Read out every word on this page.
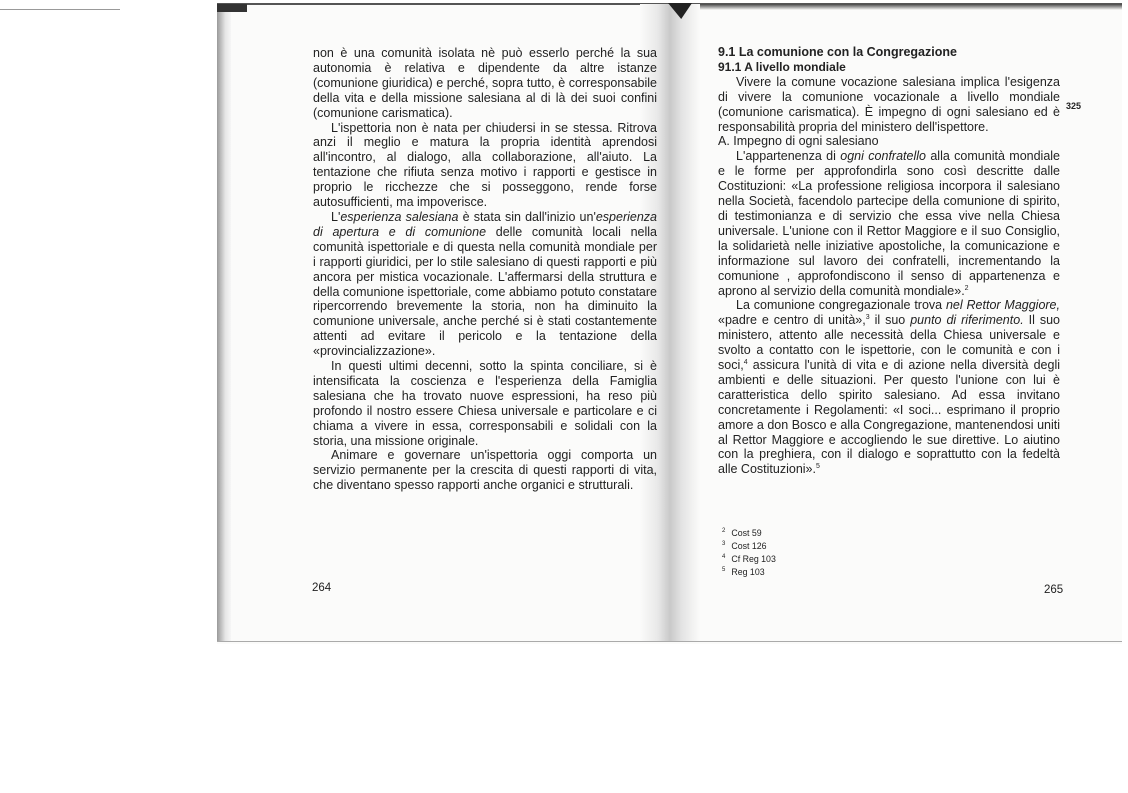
non è una comunità isolata nè può esserlo perché la sua autonomia è relativa e dipendente da altre istanze (comunione giuridica) e perché, sopra tutto, è corresponsabile della vita e della missione salesiana al di là dei suoi confini (comunione carismatica).

L'ispettoria non è nata per chiudersi in se stessa. Ritrova anzi il meglio e matura la propria identità aprendosi all'incontro, al dialogo, alla collaborazione, all'aiuto. La tentazione che rifiuta senza motivo i rapporti e gestisce in proprio le ricchezze che si posseggono, rende forse autosufficienti, ma impoverisce.

L'esperienza salesiana è stata sin dall'inizio un'esperienza di apertura e di comunione delle comunità locali nella comunità ispettoriale e di questa nella comunità mondiale per i rapporti giuridici, per lo stile salesiano di questi rapporti e più ancora per mistica vocazionale. L'affermarsi della struttura e della comunione ispettoriale, come abbiamo potuto constatare ripercorrendo brevemente la storia, non ha diminuito la comunione universale, anche perché si è stati costantemente attenti ad evitare il pericolo e la tentazione della «provincializzazione».

In questi ultimi decenni, sotto la spinta conciliare, si è intensificata la coscienza e l'esperienza della Famiglia salesiana che ha trovato nuove espressioni, ha reso più profondo il nostro essere Chiesa universale e particolare e ci chiama a vivere in essa, corresponsabili e solidali con la storia, una missione originale.

Animare e governare un'ispettoria oggi comporta un servizio permanente per la crescita di questi rapporti di vita, che diventano spesso rapporti anche organici e strutturali.

264

9.1 La comunione con la Congregazione

91.1 A livello mondiale

Vivere la comune vocazione salesiana implica l'esigenza di vivere la comunione vocazionale a livello mondiale (comunione carismatica). È impegno di ogni salesiano ed è responsabilità propria del ministero dell'ispettore.

A. Impegno di ogni salesiano

L'appartenenza di ogni confratello alla comunità mondiale e le forme per approfondirla sono così descritte dalle Costituzioni: «La professione religiosa incorpora il salesiano nella Società, facendolo partecipe della comunione di spirito, di testimonianza e di servizio che essa vive nella Chiesa universale. L'unione con il Rettor Maggiore e il suo Consiglio, la solidarietà nelle iniziative apostoliche, la comunicazione e informazione sul lavoro dei confratelli, incrementando la comunione , approfondiscono il senso di appartenenza e aprono al servizio della comunità mondiale».$^2$

La comunione congregazionale trova nel Rettor Maggiore, «padre e centro di unità»,$^3$ il suo punto di riferimento. Il suo ministero, attento alle necessità della Chiesa universale e svolto a contatto con le ispettorie, con le comunità e con i soci,$^4$ assicura l'unità di vita e di azione nella diversità degli ambienti e delle situazioni. Per questo l'unione con lui è caratteristica dello spirito salesiano. Ad essa invitano concretamente i Regolamenti: «I soci... esprimano il proprio amore a don Bosco e alla Congregazione, mantenendosi uniti al Rettor Maggiore e accogliendo le sue direttive. Lo aiutino con la preghiera, con il dialogo e soprattutto con la fedeltà alle Costituzioni».$^5$

325
$^2$ Cost 59
$^3$ Cost 126
$^4$ Cf Reg 103
$^5$ Reg 103
265
